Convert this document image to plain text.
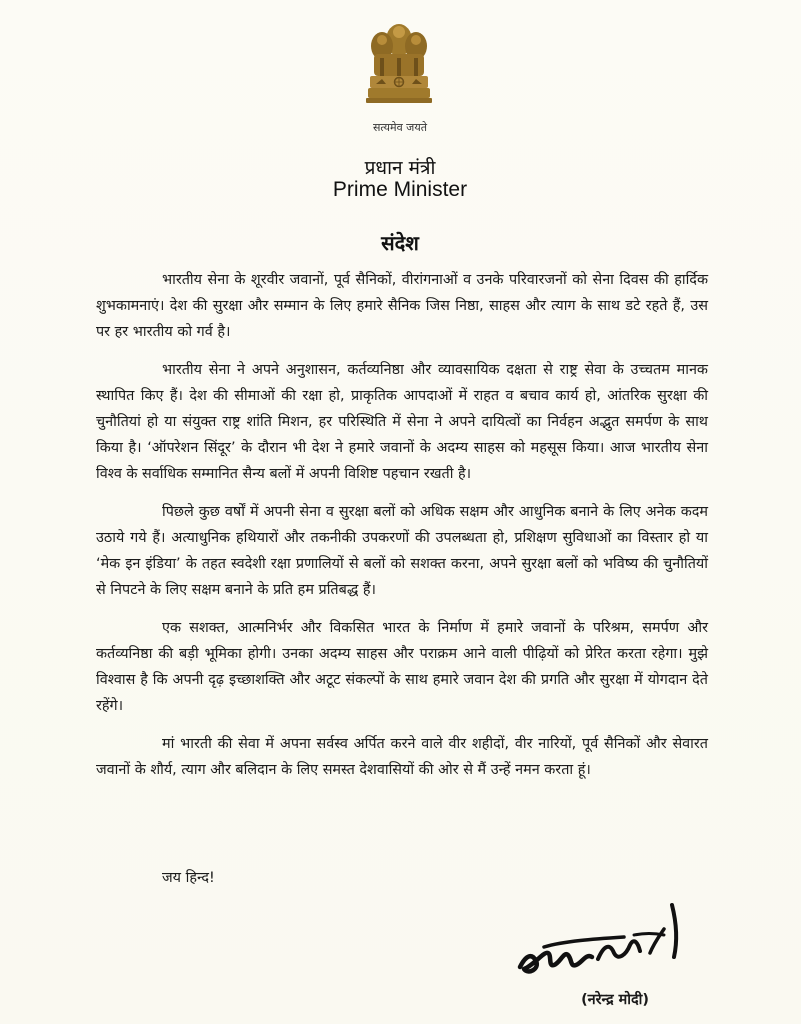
सत्यमेव जयते
प्रधान मंत्री
Prime Minister
संदेश

भारतीय सेना के शूरवीर जवानों, पूर्व सैनिकों, वीरांगनाओं व उनके परिवारजनों को सेना दिवस की हार्दिक शुभकामनाएं। देश की सुरक्षा और सम्मान के लिए हमारे सैनिक जिस निष्ठा, साहस और त्याग के साथ डटे रहते हैं, उस पर हर भारतीय को गर्व है।

भारतीय सेना ने अपने अनुशासन, कर्तव्यनिष्ठा और व्यावसायिक दक्षता से राष्ट्र सेवा के उच्चतम मानक स्थापित किए हैं। देश की सीमाओं की रक्षा हो, प्राकृतिक आपदाओं में राहत व बचाव कार्य हो, आंतरिक सुरक्षा की चुनौतियां हो या संयुक्त राष्ट्र शांति मिशन, हर परिस्थिति में सेना ने अपने दायित्वों का निर्वहन अद्भुत समर्पण के साथ किया है। ‘ऑपरेशन सिंदूर’ के दौरान भी देश ने हमारे जवानों के अदम्य साहस को महसूस किया। आज भारतीय सेना विश्व के सर्वाधिक सम्मानित सैन्य बलों में अपनी विशिष्ट पहचान रखती है।

पिछले कुछ वर्षों में अपनी सेना व सुरक्षा बलों को अधिक सक्षम और आधुनिक बनाने के लिए अनेक कदम उठाये गये हैं। अत्याधुनिक हथियारों और तकनीकी उपकरणों की उपलब्धता हो, प्रशिक्षण सुविधाओं का विस्तार हो या ‘मेक इन इंडिया’ के तहत स्वदेशी रक्षा प्रणालियों से बलों को सशक्त करना, अपने सुरक्षा बलों को भविष्य की चुनौतियों से निपटने के लिए सक्षम बनाने के प्रति हम प्रतिबद्ध हैं।

एक सशक्त, आत्मनिर्भर और विकसित भारत के निर्माण में हमारे जवानों के परिश्रम, समर्पण और कर्तव्यनिष्ठा की बड़ी भूमिका होगी। उनका अदम्य साहस और पराक्रम आने वाली पीढ़ियों को प्रेरित करता रहेगा। मुझे विश्वास है कि अपनी दृढ़ इच्छाशक्ति और अटूट संकल्पों के साथ हमारे जवान देश की प्रगति और सुरक्षा में योगदान देते रहेंगे।

मां भारती की सेवा में अपना सर्वस्व अर्पित करने वाले वीर शहीदों, वीर नारियों, पूर्व सैनिकों और सेवारत जवानों के शौर्य, त्याग और बलिदान के लिए समस्त देशवासियों की ओर से मैं उन्हें नमन करता हूं।

जय हिन्द!
(नरेन्द्र मोदी)
